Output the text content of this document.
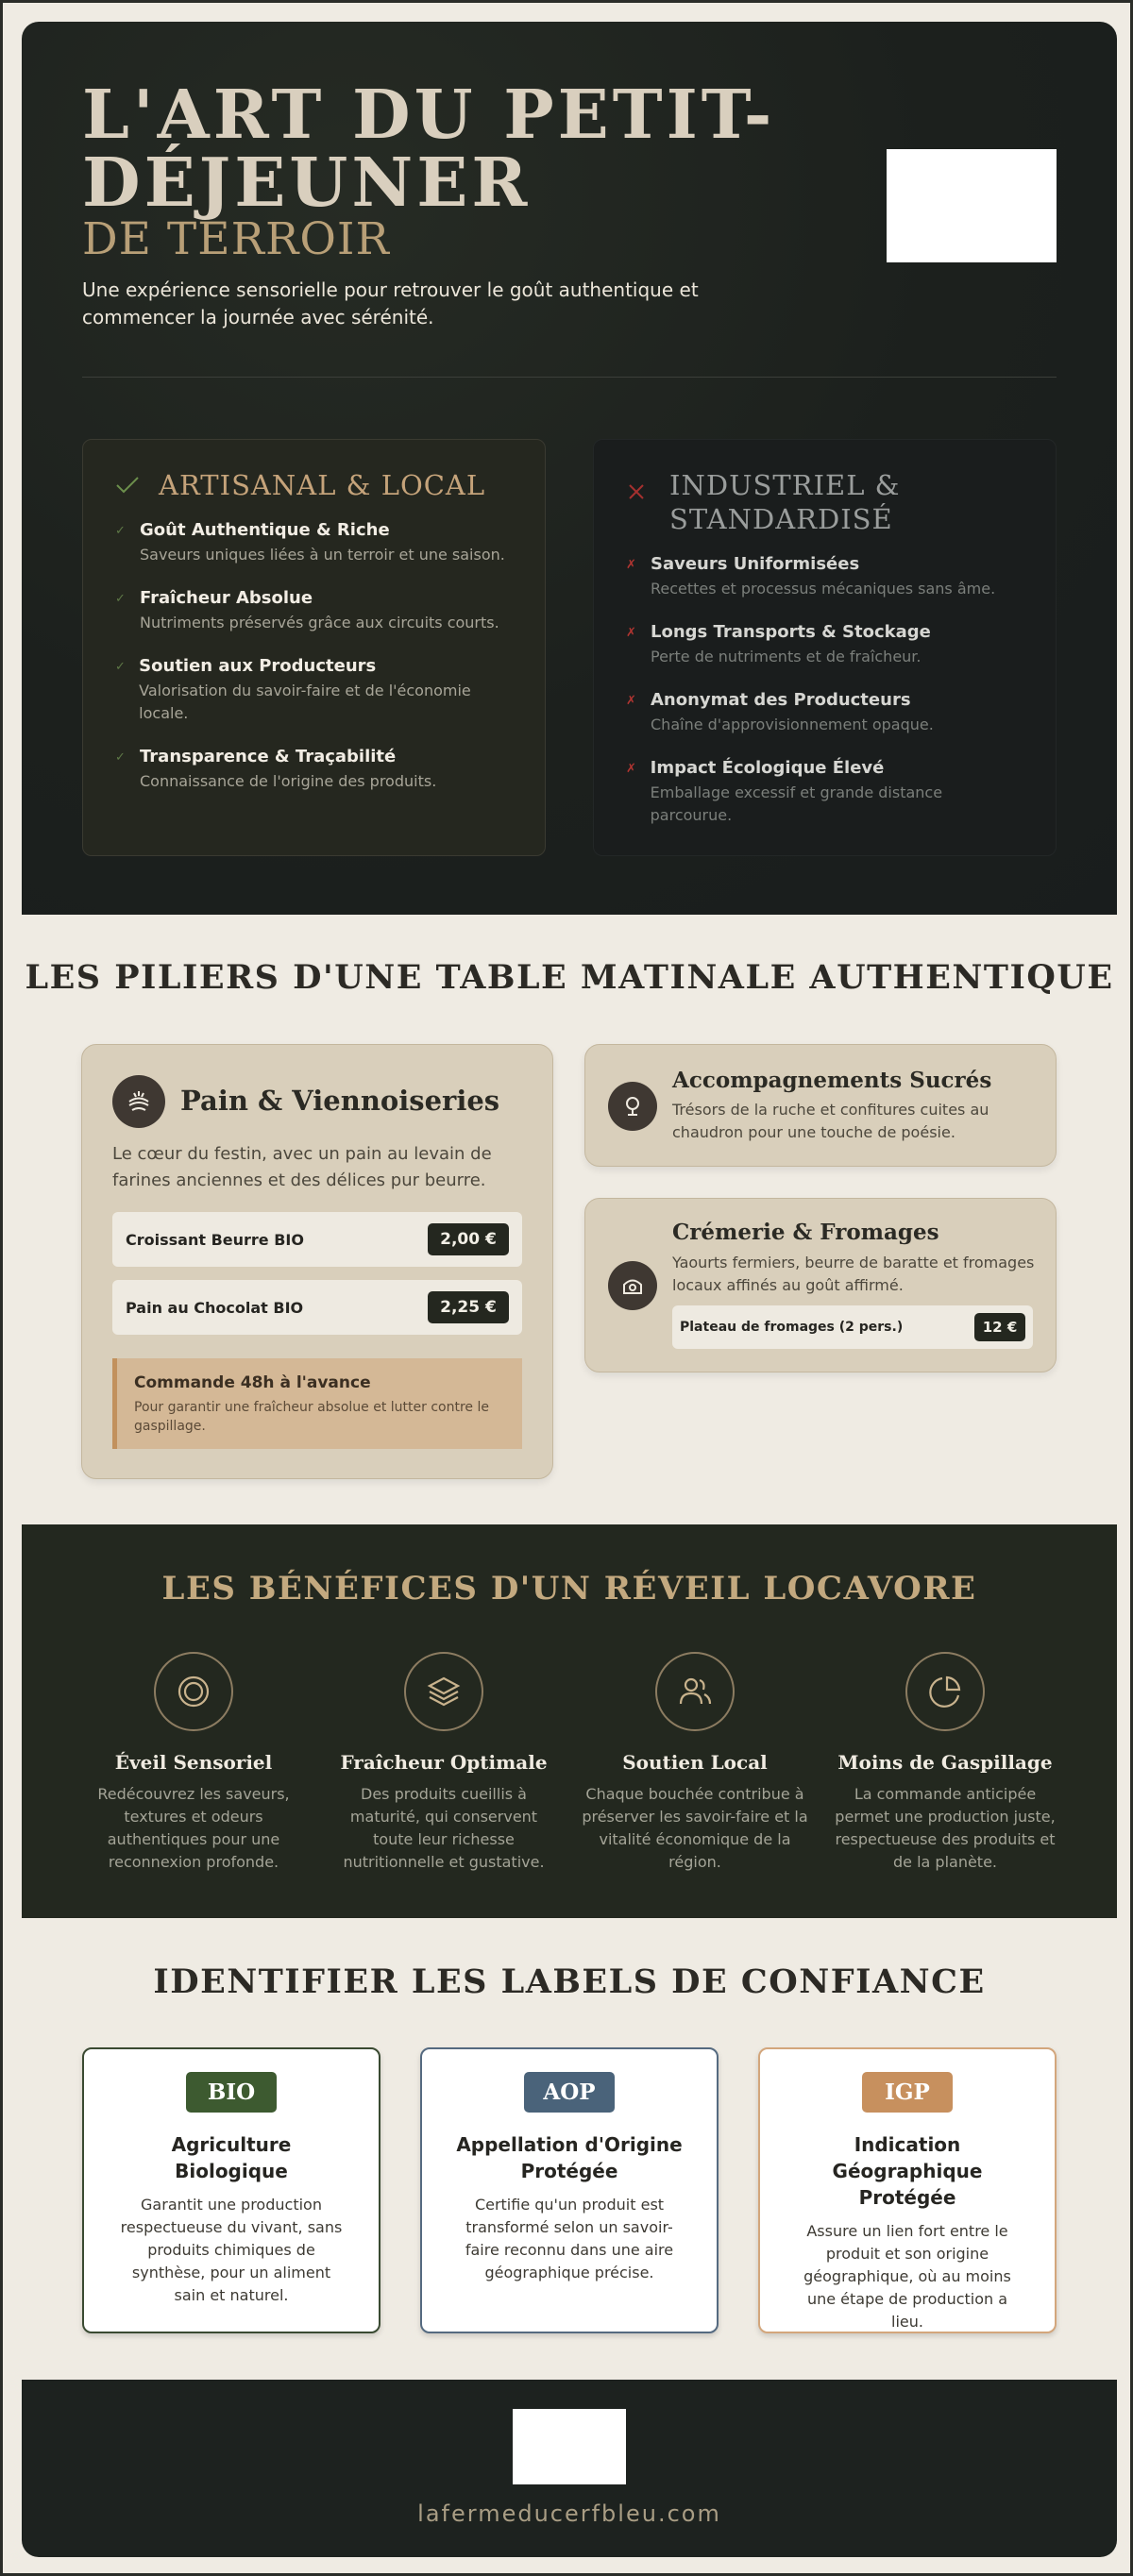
L'ART DU PETIT-DÉJEUNER
DE TERROIR

Une expérience sensorielle pour retrouver le goût authentique et commencer la journée avec sérénité.

ARTISANAL & LOCAL
✓ Goût Authentique & Riche
Saveurs uniques liées à un terroir et une saison.
✓ Fraîcheur Absolue
Nutriments préservés grâce aux circuits courts.
✓ Soutien aux Producteurs
Valorisation du savoir-faire et de l'économie locale.
✓ Transparence & Traçabilité
Connaissance de l'origine des produits.
INDUSTRIEL & STANDARDISÉ
✗ Saveurs Uniformisées
Recettes et processus mécaniques sans âme.
✗ Longs Transports & Stockage
Perte de nutriments et de fraîcheur.
✗ Anonymat des Producteurs
Chaîne d'approvisionnement opaque.
✗ Impact Écologique Élevé
Emballage excessif et grande distance parcourue.
LES PILIERS D'UNE TABLE MATINALE AUTHENTIQUE
Pain & Viennoiseries
Le cœur du festin, avec un pain au levain de farines anciennes et des délices pur beurre.
Croissant Beurre BIO	2,00 €
Pain au Chocolat BIO	2,25 €
Commande 48h à l'avance
Pour garantir une fraîcheur absolue et lutter contre le gaspillage.
Accompagnements Sucrés
Trésors de la ruche et confitures cuites au chaudron pour une touche de poésie.
Crémerie & Fromages
Yaourts fermiers, beurre de baratte et fromages locaux affinés au goût affirmé.
Plateau de fromages (2 pers.)	12 €
LES BÉNÉFICES D'UN RÉVEIL LOCAVORE
Éveil Sensoriel
Redécouvrez les saveurs, textures et odeurs authentiques pour une reconnexion profonde.
Fraîcheur Optimale
Des produits cueillis à maturité, qui conservent toute leur richesse nutritionnelle et gustative.
Soutien Local
Chaque bouchée contribue à préserver les savoir-faire et la vitalité économique de la région.
Moins de Gaspillage
La commande anticipée permet une production juste, respectueuse des produits et de la planète.
IDENTIFIER LES LABELS DE CONFIANCE
BIO
Agriculture Biologique
Garantit une production respectueuse du vivant, sans produits chimiques de synthèse, pour un aliment sain et naturel.
AOP
Appellation d'Origine Protégée
Certifie qu'un produit est transformé selon un savoir-faire reconnu dans une aire géographique précise.
IGP
Indication Géographique Protégée
Assure un lien fort entre le produit et son origine géographique, où au moins une étape de production a lieu.
lafermeducerfbleu.com
